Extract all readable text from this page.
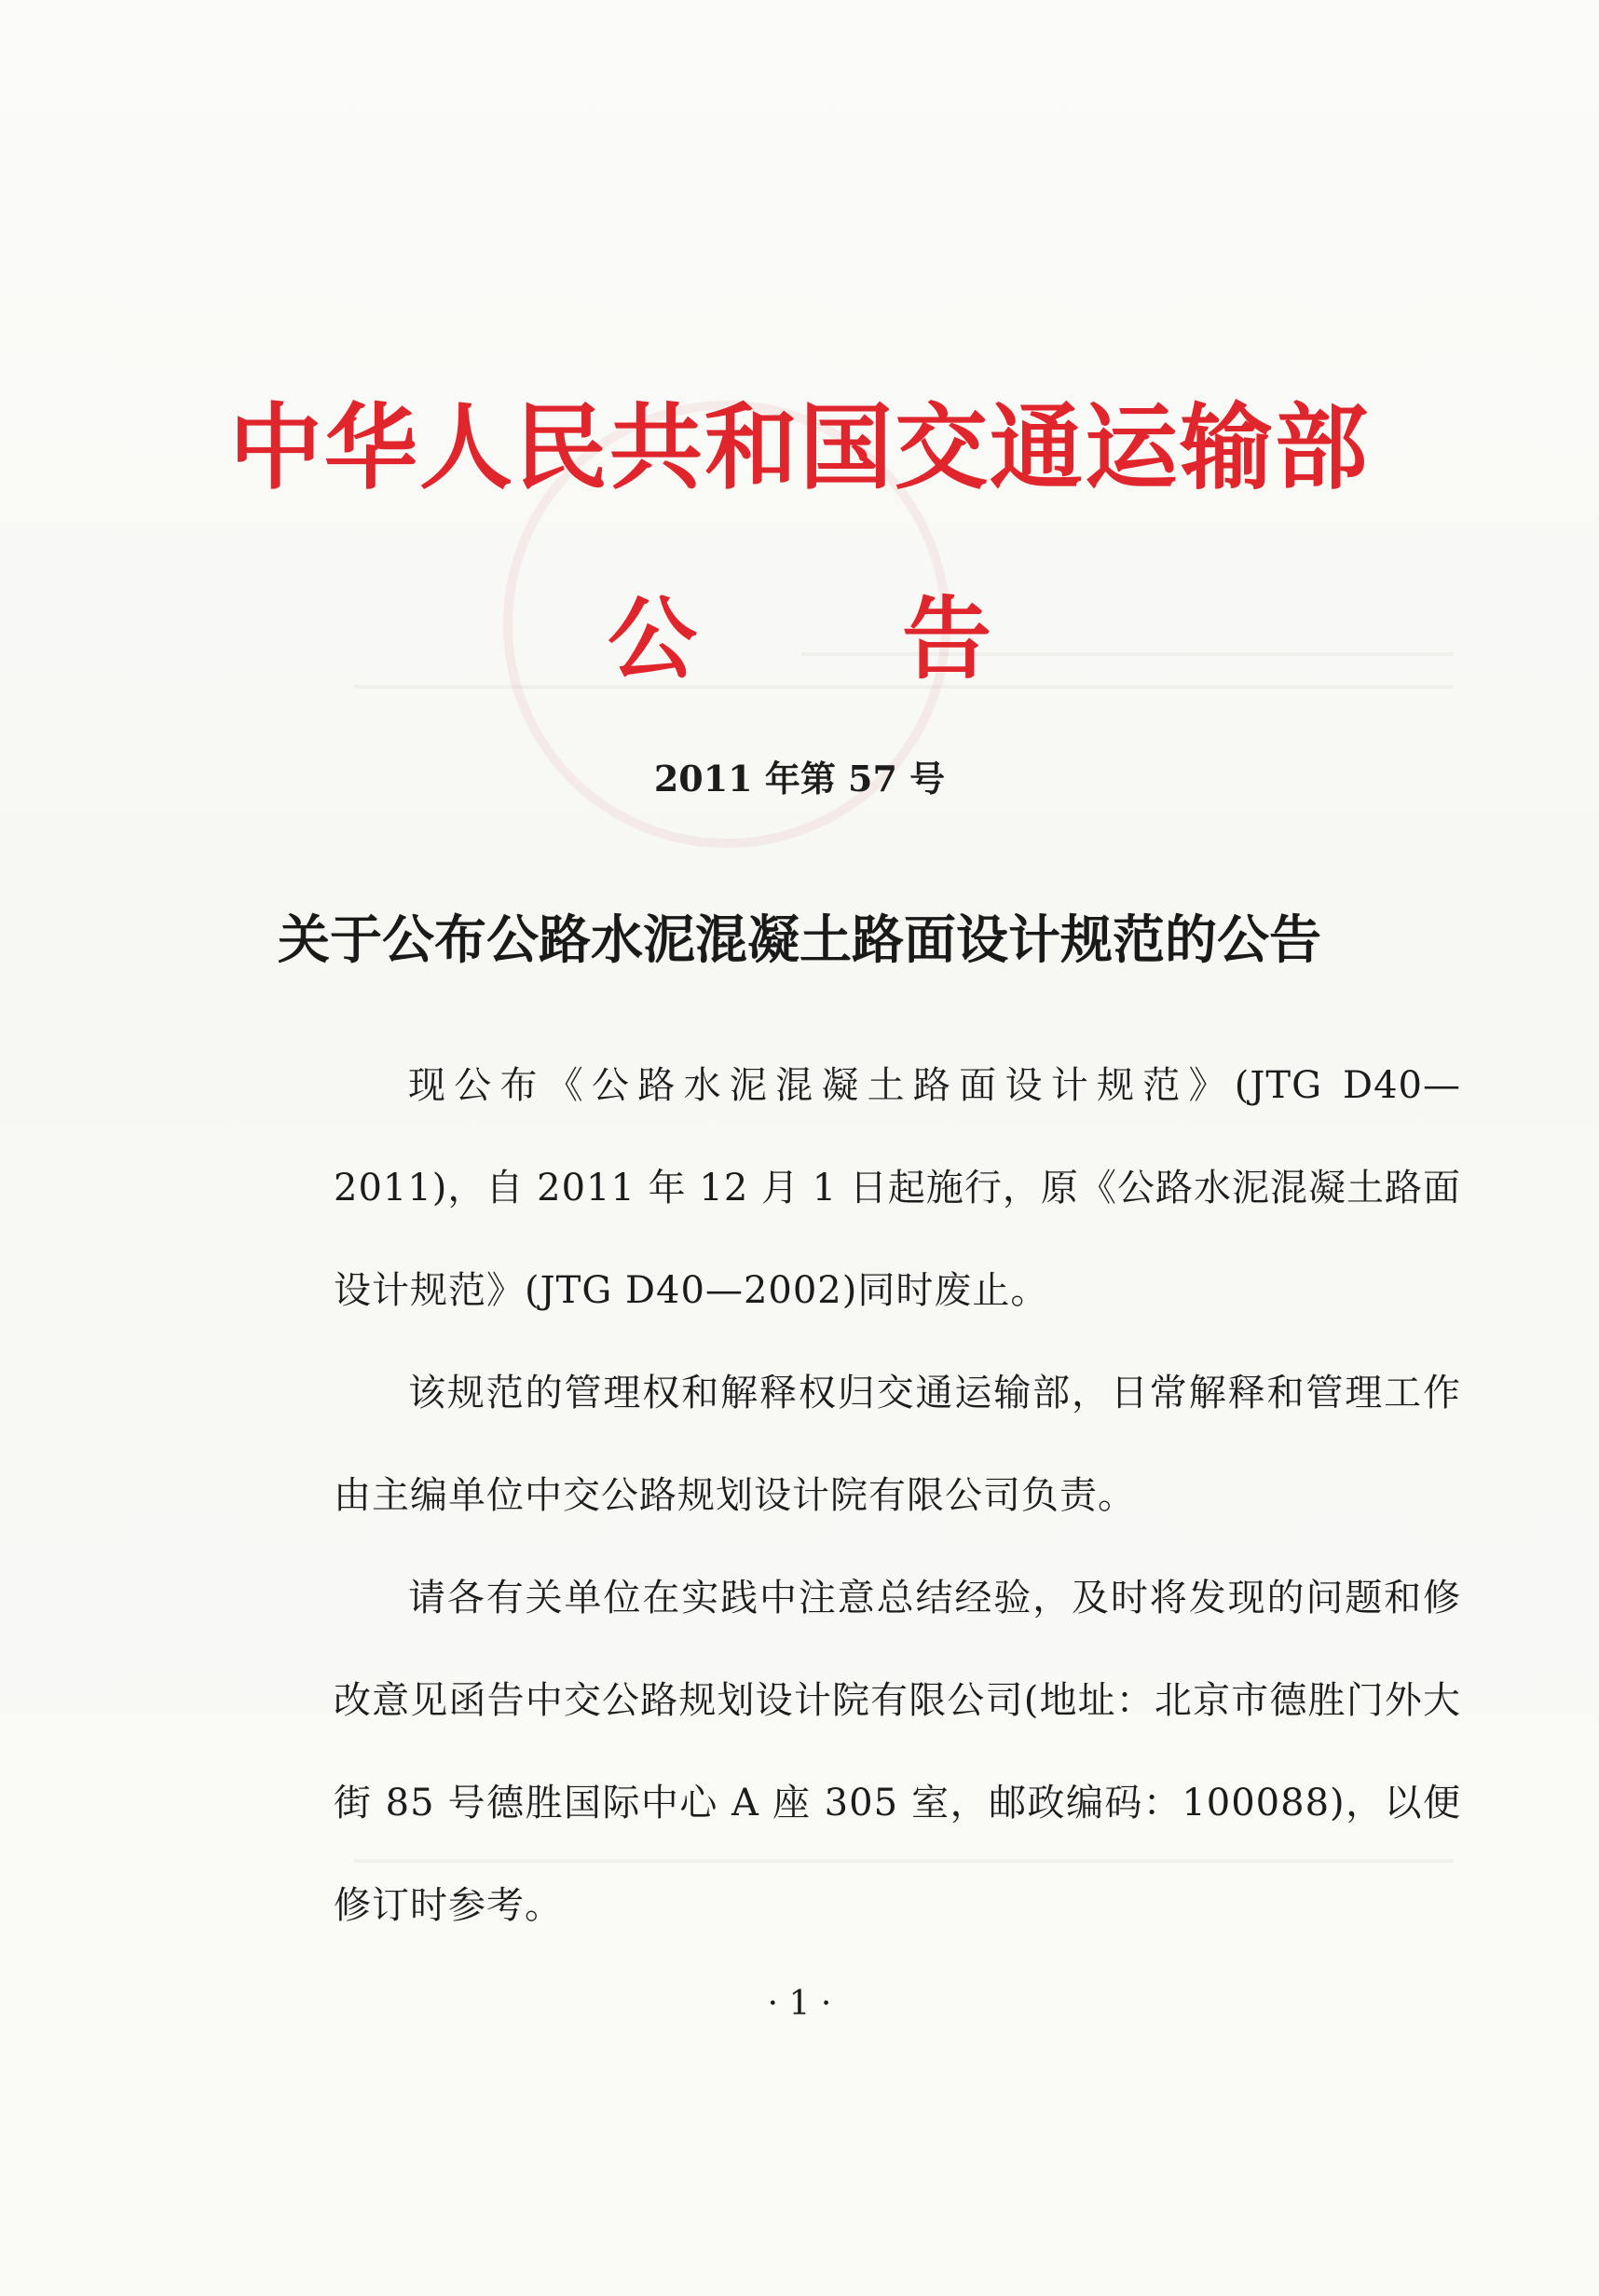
中华人民共和国交通运输部
公 告
2011 年第 57 号
关于公布公路水泥混凝土路面设计规范的公告

现公布《公路水泥混凝土路面设计规范》(JTG D40—2011)，自 2011 年 12 月 1 日起施行，原《公路水泥混凝土路面设计规范》(JTG D40—2002)同时废止。

该规范的管理权和解释权归交通运输部，日常解释和管理工作由主编单位中交公路规划设计院有限公司负责。

请各有关单位在实践中注意总结经验，及时将发现的问题和修改意见函告中交公路规划设计院有限公司(地址：北京市德胜门外大街 85 号德胜国际中心 A 座 305 室，邮政编码：100088)，以便修订时参考。

· 1 ·
